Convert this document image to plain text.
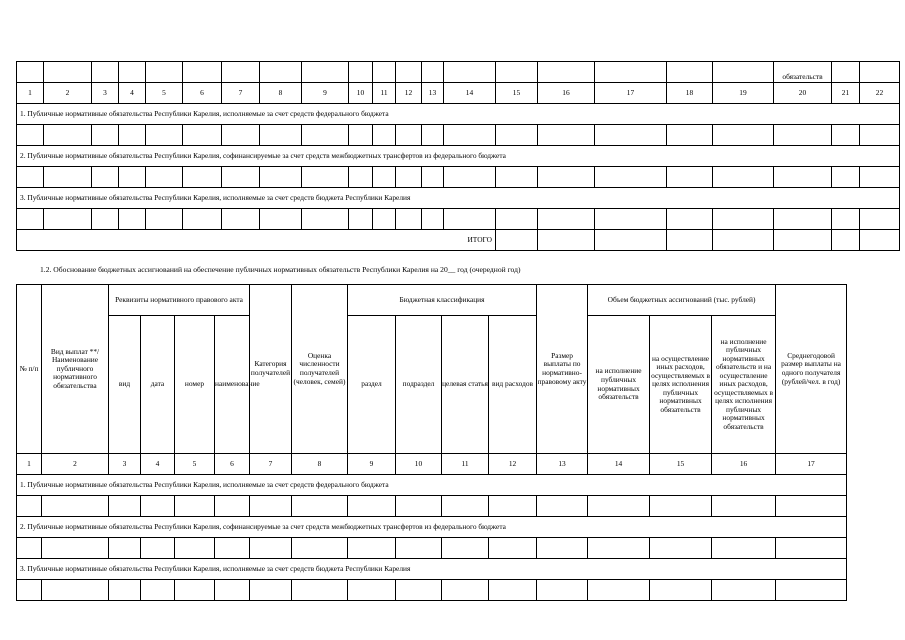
																			обязательств		
1	2	3	4	5	6	7	8	9	10	11	12	13	14	15	16	17	18	19	20	21	22
1. Публичные нормативные обязательства Республики Карелия, исполняемые за счет средств федерального бюджета																					

2. Публичные нормативные обязательства Республики Карелия, софинансируемые за счет средств межбюджетных трансфертов из федерального бюджета																					

3. Публичные нормативные обязательства Республики Карелия, исполняемые за счет средств бюджета Республики Карелия																					

ИТОГО																					
1.2. Обоснование бюджетных ассигнований на обеспечение публичных нормативных обязательств Республики Карелия на 20__ год (очередной год)
№ п/п	Вид выплат **/ Наименование публичного нормативного обязательства	Реквизиты нормативного правового акта				Категория получателей	Оценка численности получателей (человек, семей)	Бюджетная классификация				Размер выплаты по нормативно-правовому акту	Объем бюджетных ассигнований (тыс. рублей)			Среднегодовой размер выплаты на одного получателя (рублей/чел. в год)
		вид	дата	номер	наименование			раздел	подраздел	целевая статья	вид расходов		на исполнение публичных нормативных обязательств	на осуществление иных расходов, осуществляемых в целях исполнения публичных нормативных обязательств	на исполнение публичных нормативных обязательств и на осуществление иных расходов, осуществляемых в целях исполнения публичных нормативных обязательств	
1	2	3	4	5	6	7	8	9	10	11	12	13	14	15	16	17
1. Публичные нормативные обязательства Республики Карелия, исполняемые за счет средств федерального бюджета																

2. Публичные нормативные обязательства Республики Карелия, софинансируемые за счет средств межбюджетных трансфертов из федерального бюджета																

3. Публичные нормативные обязательства Республики Карелия, исполняемые за счет средств бюджета Республики Карелия																
